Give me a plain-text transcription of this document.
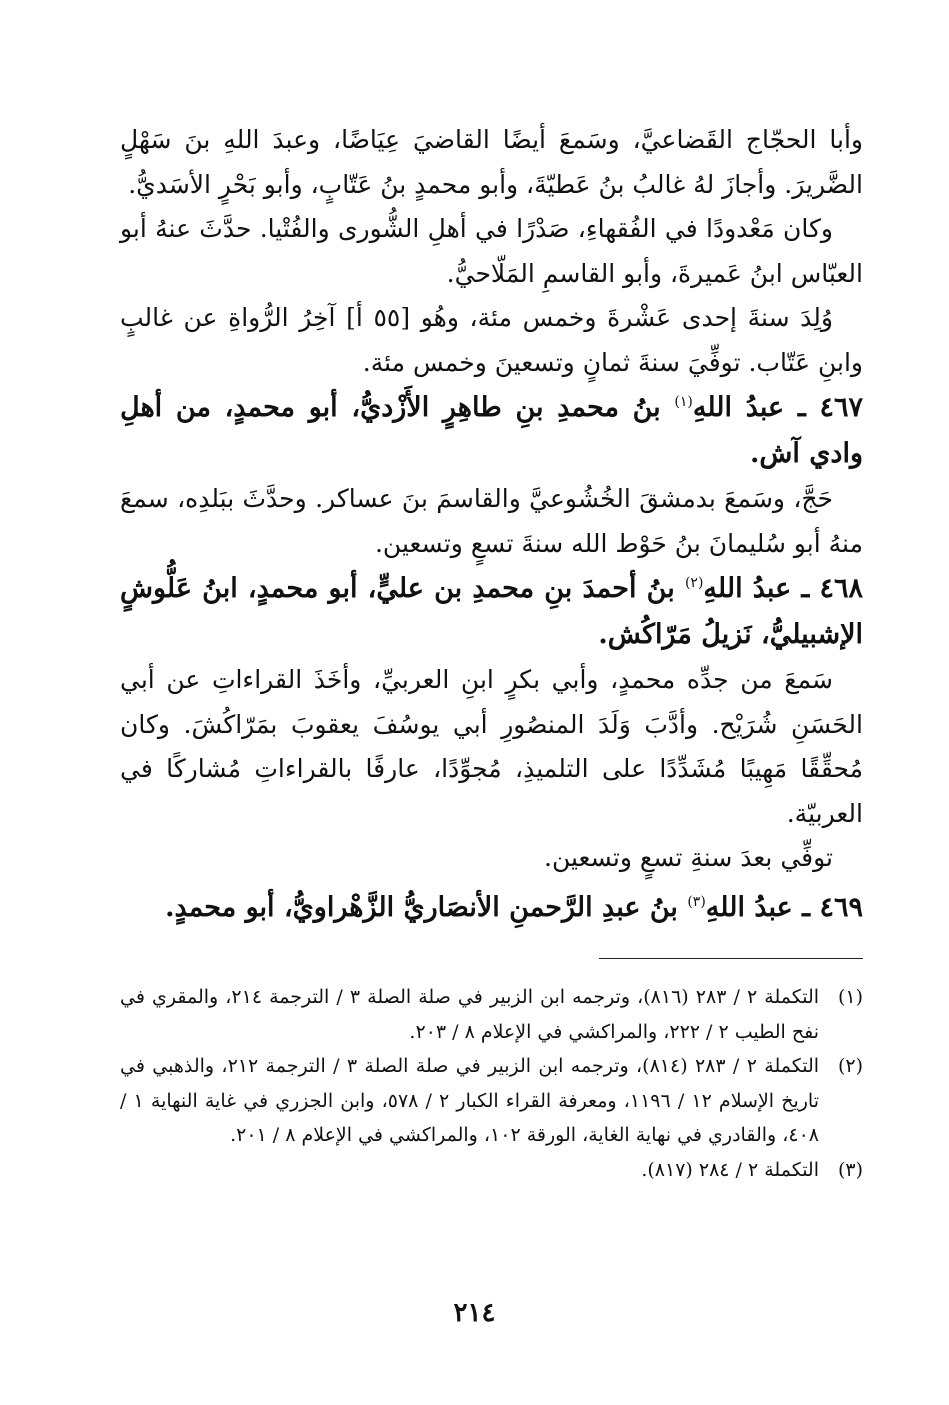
وأبا الحجّاج القَضاعيَّ، وسَمعَ أيضًا القاضيَ عِيَاضًا، وعبدَ اللهِ بنَ سَهْلٍ الضَّريرَ. وأجازَ لهُ غالبُ بنُ عَطيّةَ، وأبو محمدٍ بنُ عَتّابٍ، وأبو بَحْرٍ الأسَديُّ.

وكان مَعْدودًا في الفُقهاءِ، صَدْرًا في أهلِ الشُّورى والفُتْيا. حدَّثَ عنهُ أبو العبّاس ابنُ عَميرةَ، وأبو القاسمِ المَلّاحيُّ.

وُلِدَ سنةَ إحدى عَشْرةَ وخمس مئة، وهُو [٥٥ أ] آخِرُ الرُّواةِ عن غالبٍ وابنِ عَتّاب. توفِّيَ سنةَ ثمانٍ وتسعينَ وخمس مئة.

٤٦٧ ـ عبدُ اللهِ$^{(١)}$ بنُ محمدِ بنِ طاهِرٍ الأَزْديُّ، أبو محمدٍ، من أهلِ وادي آش.

حَجَّ، وسَمعَ بدمشقَ الخُشُوعيَّ والقاسمَ بنَ عساكر. وحدَّثَ ببَلدِه، سمعَ منهُ أبو سُليمانَ بنُ حَوْط الله سنةَ تسعٍ وتسعين.

٤٦٨ ـ عبدُ اللهِ$^{(٢)}$ بنُ أحمدَ بنِ محمدِ بن عليٍّ، أبو محمدٍ، ابنُ عَلُّوشٍ الإشبيليُّ، نَزيلُ مَرّاكُش.

سَمعَ من جدِّه محمدٍ، وأبي بكرٍ ابنِ العربيِّ، وأخَذَ القراءاتِ عن أبي الحَسَنِ شُرَيْح. وأدَّبَ وَلَدَ المنصُورِ أبي يوسُفَ يعقوبَ بمَرّاكُشَ. وكان مُحقِّقًا مَهِيبًا مُشَدِّدًا على التلميذِ، مُجوِّدًا، عارفًا بالقراءاتِ مُشاركًا في العربيّة.

توفِّي بعدَ سنةِ تسعٍ وتسعين.

٤٦٩ ـ عبدُ اللهِ$^{(٣)}$ بنُ عبدِ الرَّحمنِ الأنصَاريُّ الزَّهْراويُّ، أبو محمدٍ.
(١)
التكملة ٢ / ٢٨٣ (٨١٦)، وترجمه ابن الزبير في صلة الصلة ٣ / الترجمة ٢١٤، والمقري في نفح الطيب ٢ / ٢٢٢، والمراكشي في الإعلام ٨ / ٢٠٣.
(٢)
التكملة ٢ / ٢٨٣ (٨١٤)، وترجمه ابن الزبير في صلة الصلة ٣ / الترجمة ٢١٢، والذهبي في تاريخ الإسلام ١٢ / ١١٩٦، ومعرفة القراء الكبار ٢ / ٥٧٨، وابن الجزري في غاية النهاية ١ / ٤٠٨، والقادري في نهاية الغاية، الورقة ١٠٢، والمراكشي في الإعلام ٨ / ٢٠١.
(٣)
التكملة ٢ / ٢٨٤ (٨١٧).
٢١٤
